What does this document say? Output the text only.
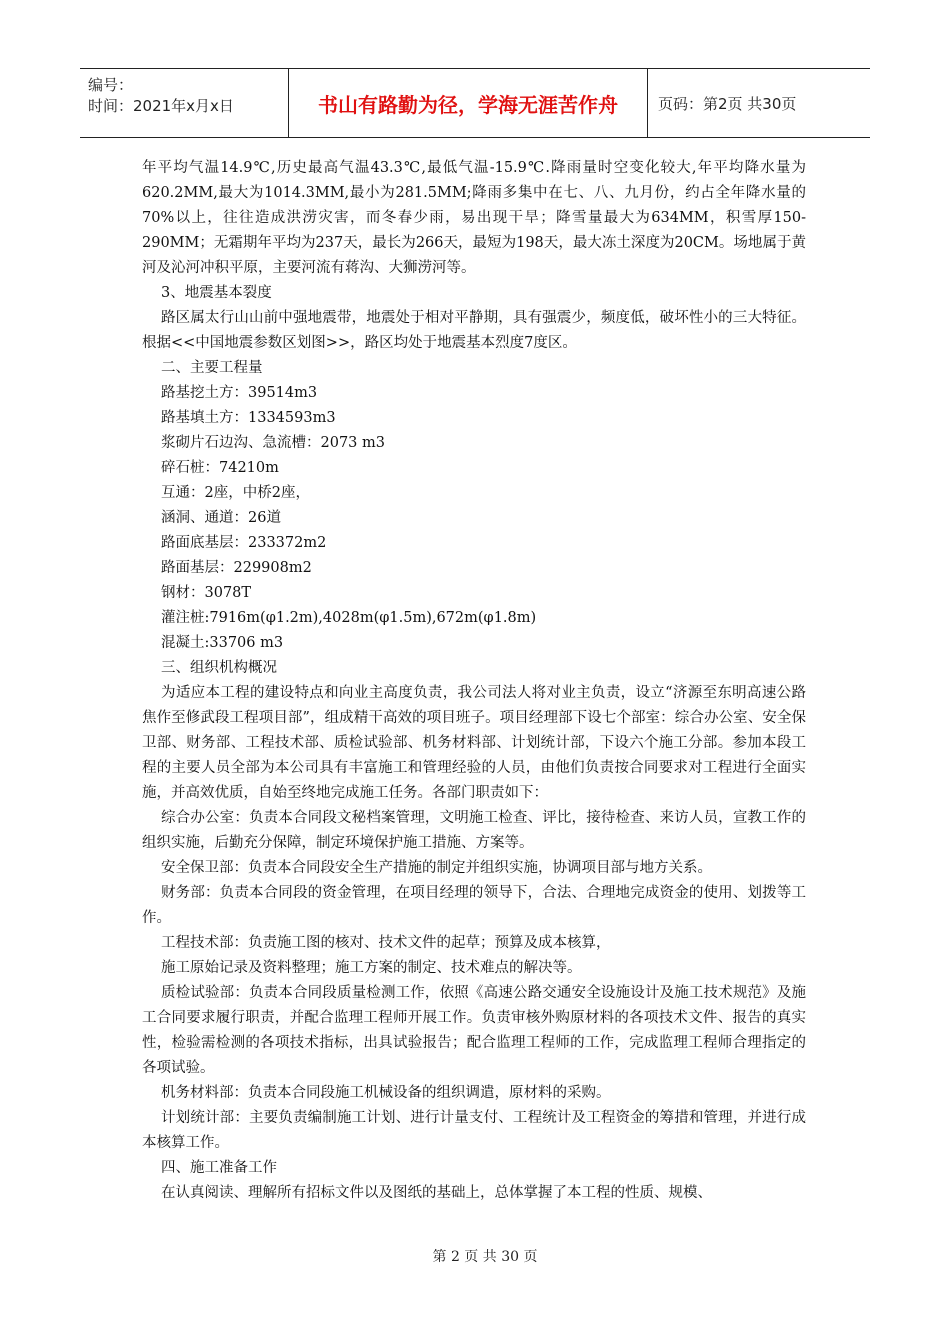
编号：
时间：2021年x月x日	书山有路勤为径，学海无涯苦作舟	页码：第2页 共30页

年平均气温14.9℃,历史最高气温43.3℃,最低气温-15.9℃.降雨量时空变化较大,年平均降水量为620.2MM,最大为1014.3MM,最小为281.5MM;降雨多集中在七、八、九月份，约占全年降水量的70%以上，往往造成洪涝灾害，而冬春少雨，易出现干旱；降雪量最大为634MM，积雪厚150-290MM；无霜期年平均为237天，最长为266天，最短为198天，最大冻土深度为20CM。场地属于黄河及沁河冲积平原，主要河流有蒋沟、大狮涝河等。

3、地震基本裂度

路区属太行山山前中强地震带，地震处于相对平静期，具有强震少，频度低，破坏性小的三大特征。根据<<中国地震参数区划图>>，路区均处于地震基本烈度7度区。

二、主要工程量

路基挖土方：39514m3

路基填土方：1334593m3

浆砌片石边沟、急流槽：2073 m3

碎石桩：74210m

互通：2座，中桥2座，

涵洞、通道：26道

路面底基层：233372m2

路面基层：229908m2

钢材：3078T

灌注桩:7916m(φ1.2m),4028m(φ1.5m),672m(φ1.8m)

混凝土:33706 m3

三、组织机构概况

为适应本工程的建设特点和向业主高度负责，我公司法人将对业主负责，设立“济源至东明高速公路焦作至修武段工程项目部”，组成精干高效的项目班子。项目经理部下设七个部室：综合办公室、安全保卫部、财务部、工程技术部、质检试验部、机务材料部、计划统计部，下设六个施工分部。参加本段工程的主要人员全部为本公司具有丰富施工和管理经验的人员，由他们负责按合同要求对工程进行全面实施，并高效优质，自始至终地完成施工任务。各部门职责如下：

综合办公室：负责本合同段文秘档案管理，文明施工检查、评比，接待检查、来访人员，宣教工作的组织实施，后勤充分保障，制定环境保护施工措施、方案等。

安全保卫部：负责本合同段安全生产措施的制定并组织实施，协调项目部与地方关系。

财务部：负责本合同段的资金管理，在项目经理的领导下，合法、合理地完成资金的使用、划拨等工作。

工程技术部：负责施工图的核对、技术文件的起草；预算及成本核算，

施工原始记录及资料整理；施工方案的制定、技术难点的解决等。

质检试验部：负责本合同段质量检测工作，依照《高速公路交通安全设施设计及施工技术规范》及施工合同要求履行职责，并配合监理工程师开展工作。负责审核外购原材料的各项技术文件、报告的真实性，检验需检测的各项技术指标，出具试验报告；配合监理工程师的工作，完成监理工程师合理指定的各项试验。

机务材料部：负责本合同段施工机械设备的组织调遣，原材料的采购。

计划统计部：主要负责编制施工计划、进行计量支付、工程统计及工程资金的筹措和管理，并进行成本核算工作。

四、施工准备工作

在认真阅读、理解所有招标文件以及图纸的基础上，总体掌握了本工程的性质、规模、

第 2 页 共 30 页
